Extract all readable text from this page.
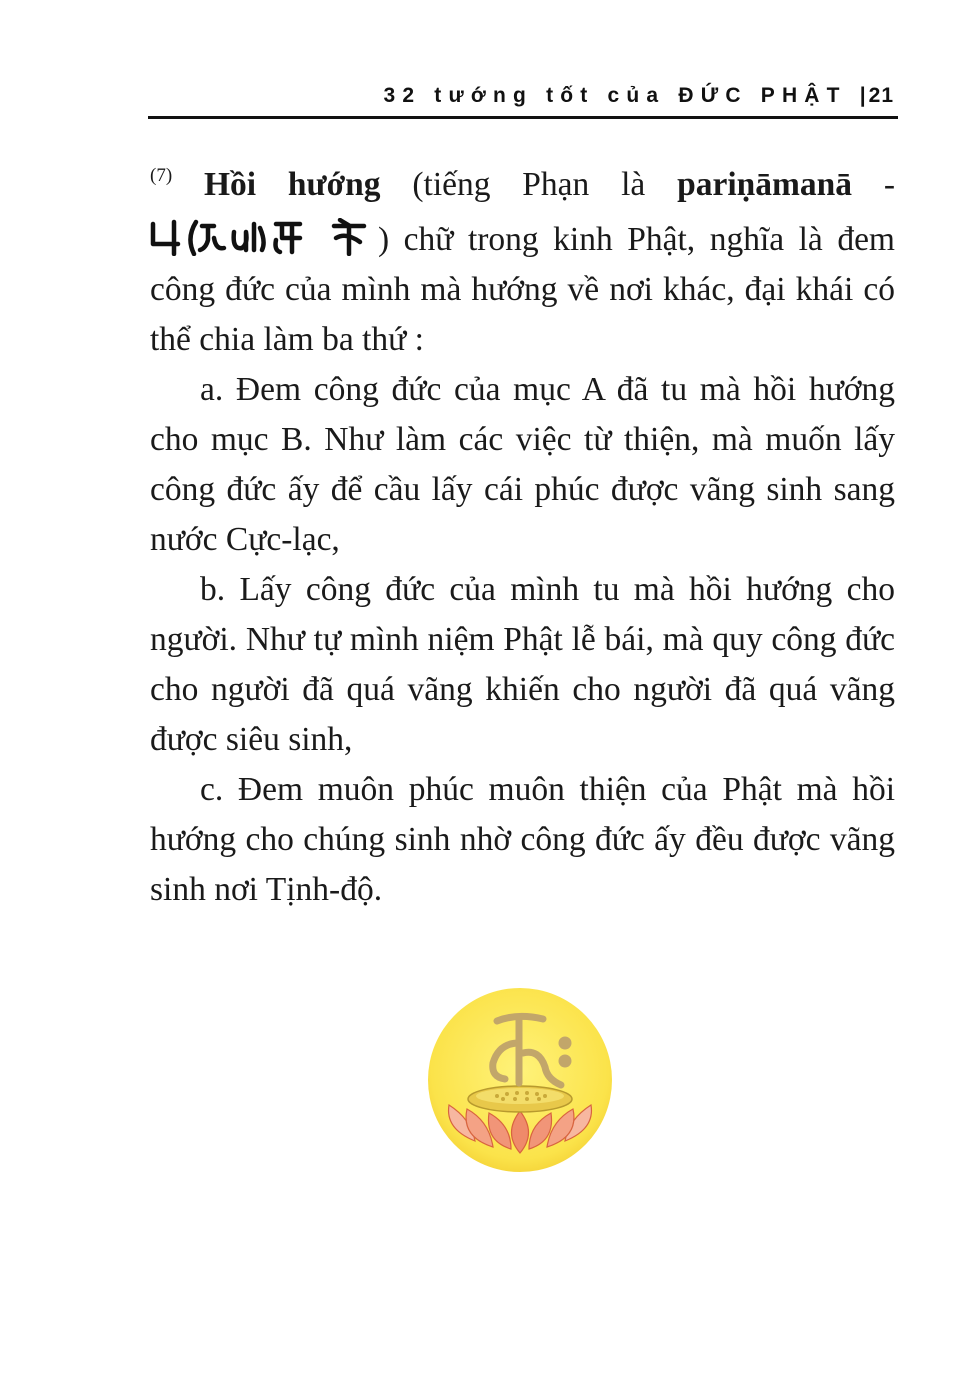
32 tướng tốt của ĐỨC PHẬT |21

$^{(7)}$ Hồi hướng (tiếng Phạn là pariṇāmanā - ) chữ trong kinh Phật, nghĩa là đem công đức của mình mà hướng về nơi khác, đại khái có thể chia làm ba thứ :

a. Đem công đức của mục A đã tu mà hồi hướng cho mục B. Như làm các việc từ thiện, mà muốn lấy công đức ấy để cầu lấy cái phúc được vãng sinh sang nước Cực-lạc,

b. Lấy công đức của mình tu mà hồi hướng cho người. Như tự mình niệm Phật lễ bái, mà quy công đức cho người đã quá vãng khiến cho người đã quá vãng được siêu sinh,

c. Đem muôn phúc muôn thiện của Phật mà hồi hướng cho chúng sinh nhờ công đức ấy đều được vãng sinh nơi Tịnh-độ.
